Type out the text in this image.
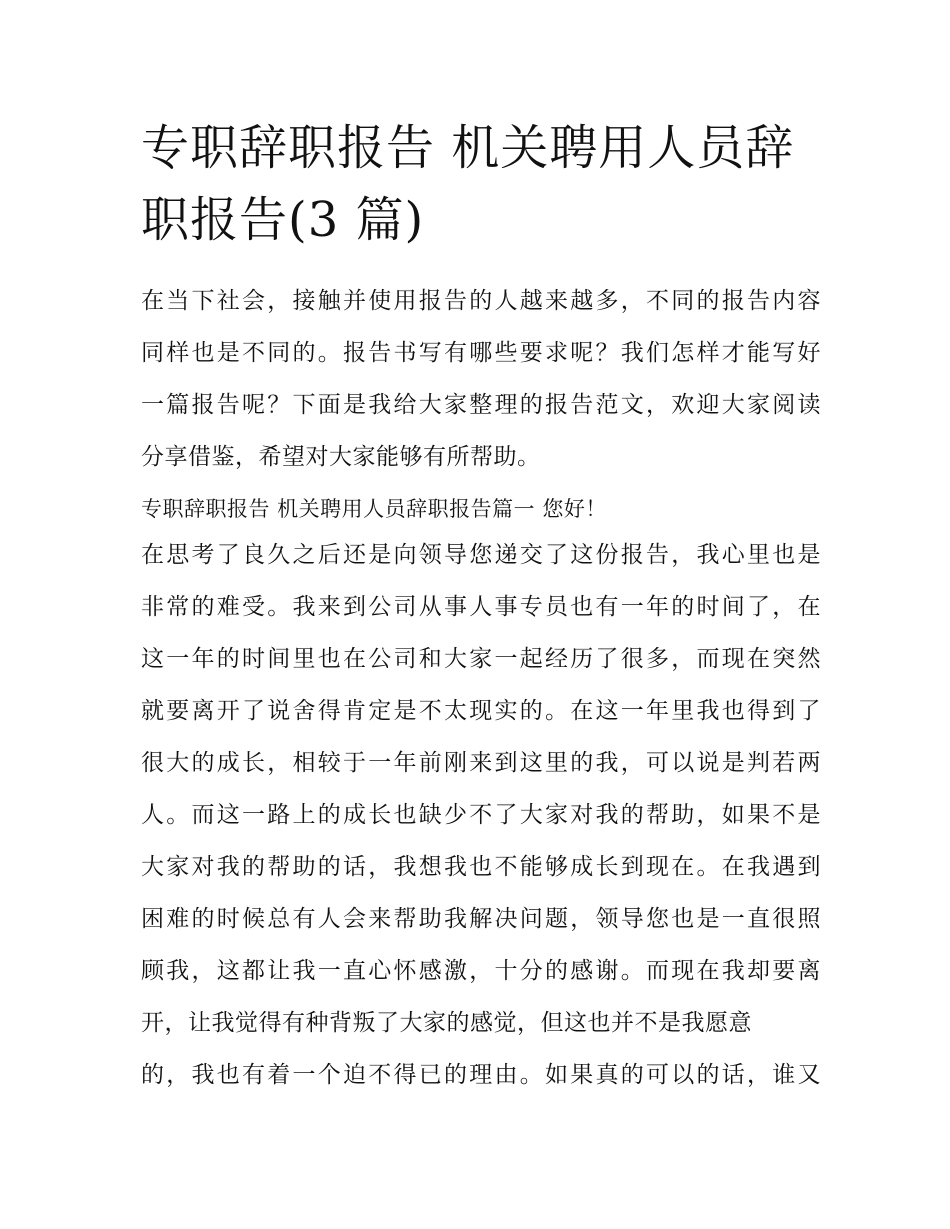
专职辞职报告 机关聘用人员辞
职报告(3 篇)
在当下社会，接触并使用报告的人越来越多，不同的报告内容
同样也是不同的。报告书写有哪些要求呢？我们怎样才能写好
一篇报告呢？下面是我给大家整理的报告范文，欢迎大家阅读
分享借鉴，希望对大家能够有所帮助。
专职辞职报告 机关聘用人员辞职报告篇一 您好！
在思考了良久之后还是向领导您递交了这份报告，我心里也是
非常的难受。我来到公司从事人事专员也有一年的时间了，在
这一年的时间里也在公司和大家一起经历了很多，而现在突然
就要离开了说舍得肯定是不太现实的。在这一年里我也得到了
很大的成长，相较于一年前刚来到这里的我，可以说是判若两
人。而这一路上的成长也缺少不了大家对我的帮助，如果不是
大家对我的帮助的话，我想我也不能够成长到现在。在我遇到
困难的时候总有人会来帮助我解决问题，领导您也是一直很照
顾我，这都让我一直心怀感激，十分的感谢。而现在我却要离
开，让我觉得有种背叛了大家的感觉，但这也并不是我愿意
的，我也有着一个迫不得已的理由。如果真的可以的话，谁又
